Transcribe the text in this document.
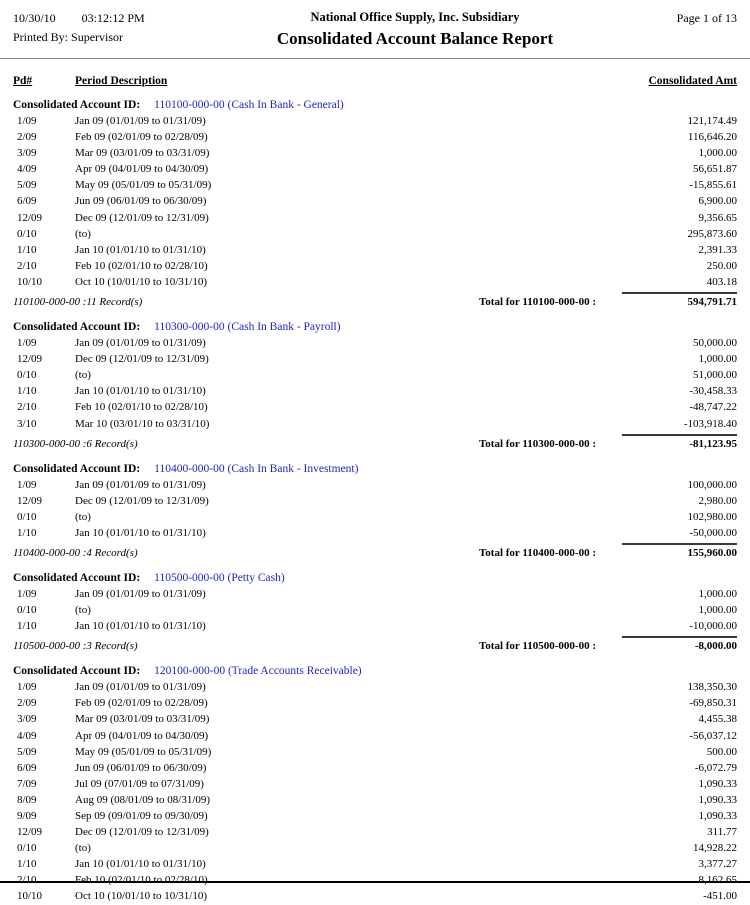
10/30/10 03:12:12 PM
Printed By: Supervisor
National Office Supply, Inc. Subsidiary
Consolidated Account Balance Report
Page 1 of 13
Pd#	Period Description	Consolidated Amt
Consolidated Account ID: 110100-000-00 (Cash In Bank - General)
1/09	Jan 09 (01/01/09 to 01/31/09)	121,174.49
2/09	Feb 09 (02/01/09 to 02/28/09)	116,646.20
3/09	Mar 09 (03/01/09 to 03/31/09)	1,000.00
4/09	Apr 09 (04/01/09 to 04/30/09)	56,651.87
5/09	May 09 (05/01/09 to 05/31/09)	-15,855.61
6/09	Jun 09 (06/01/09 to 06/30/09)	6,900.00
12/09	Dec 09 (12/01/09 to 12/31/09)	9,356.65
0/10	(to)	295,873.60
1/10	Jan 10 (01/01/10 to 01/31/10)	2,391.33
2/10	Feb 10 (02/01/10 to 02/28/10)	250.00
10/10	Oct 10 (10/01/10 to 10/31/10)	403.18
110100-000-00 :11 Record(s)	Total for 110100-000-00 :	594,791.71
Consolidated Account ID: 110300-000-00 (Cash In Bank - Payroll)
1/09	Jan 09 (01/01/09 to 01/31/09)	50,000.00
12/09	Dec 09 (12/01/09 to 12/31/09)	1,000.00
0/10	(to)	51,000.00
1/10	Jan 10 (01/01/10 to 01/31/10)	-30,458.33
2/10	Feb 10 (02/01/10 to 02/28/10)	-48,747.22
3/10	Mar 10 (03/01/10 to 03/31/10)	-103,918.40
110300-000-00 :6 Record(s)	Total for 110300-000-00 :	-81,123.95
Consolidated Account ID: 110400-000-00 (Cash In Bank - Investment)
1/09	Jan 09 (01/01/09 to 01/31/09)	100,000.00
12/09	Dec 09 (12/01/09 to 12/31/09)	2,980.00
0/10	(to)	102,980.00
1/10	Jan 10 (01/01/10 to 01/31/10)	-50,000.00
110400-000-00 :4 Record(s)	Total for 110400-000-00 :	155,960.00
Consolidated Account ID: 110500-000-00 (Petty Cash)
1/09	Jan 09 (01/01/09 to 01/31/09)	1,000.00
0/10	(to)	1,000.00
1/10	Jan 10 (01/01/10 to 01/31/10)	-10,000.00
110500-000-00 :3 Record(s)	Total for 110500-000-00 :	-8,000.00
Consolidated Account ID: 120100-000-00 (Trade Accounts Receivable)
1/09	Jan 09 (01/01/09 to 01/31/09)	138,350.30
2/09	Feb 09 (02/01/09 to 02/28/09)	-69,850.31
3/09	Mar 09 (03/01/09 to 03/31/09)	4,455.38
4/09	Apr 09 (04/01/09 to 04/30/09)	-56,037.12
5/09	May 09 (05/01/09 to 05/31/09)	500.00
6/09	Jun 09 (06/01/09 to 06/30/09)	-6,072.79
7/09	Jul 09 (07/01/09 to 07/31/09)	1,090.33
8/09	Aug 09 (08/01/09 to 08/31/09)	1,090.33
9/09	Sep 09 (09/01/09 to 09/30/09)	1,090.33
12/09	Dec 09 (12/01/09 to 12/31/09)	311.77
0/10	(to)	14,928.22
1/10	Jan 10 (01/01/10 to 01/31/10)	3,377.27
2/10	Feb 10 (02/01/10 to 02/28/10)	8,162.65
10/10	Oct 10 (10/01/10 to 10/31/10)	-451.00
